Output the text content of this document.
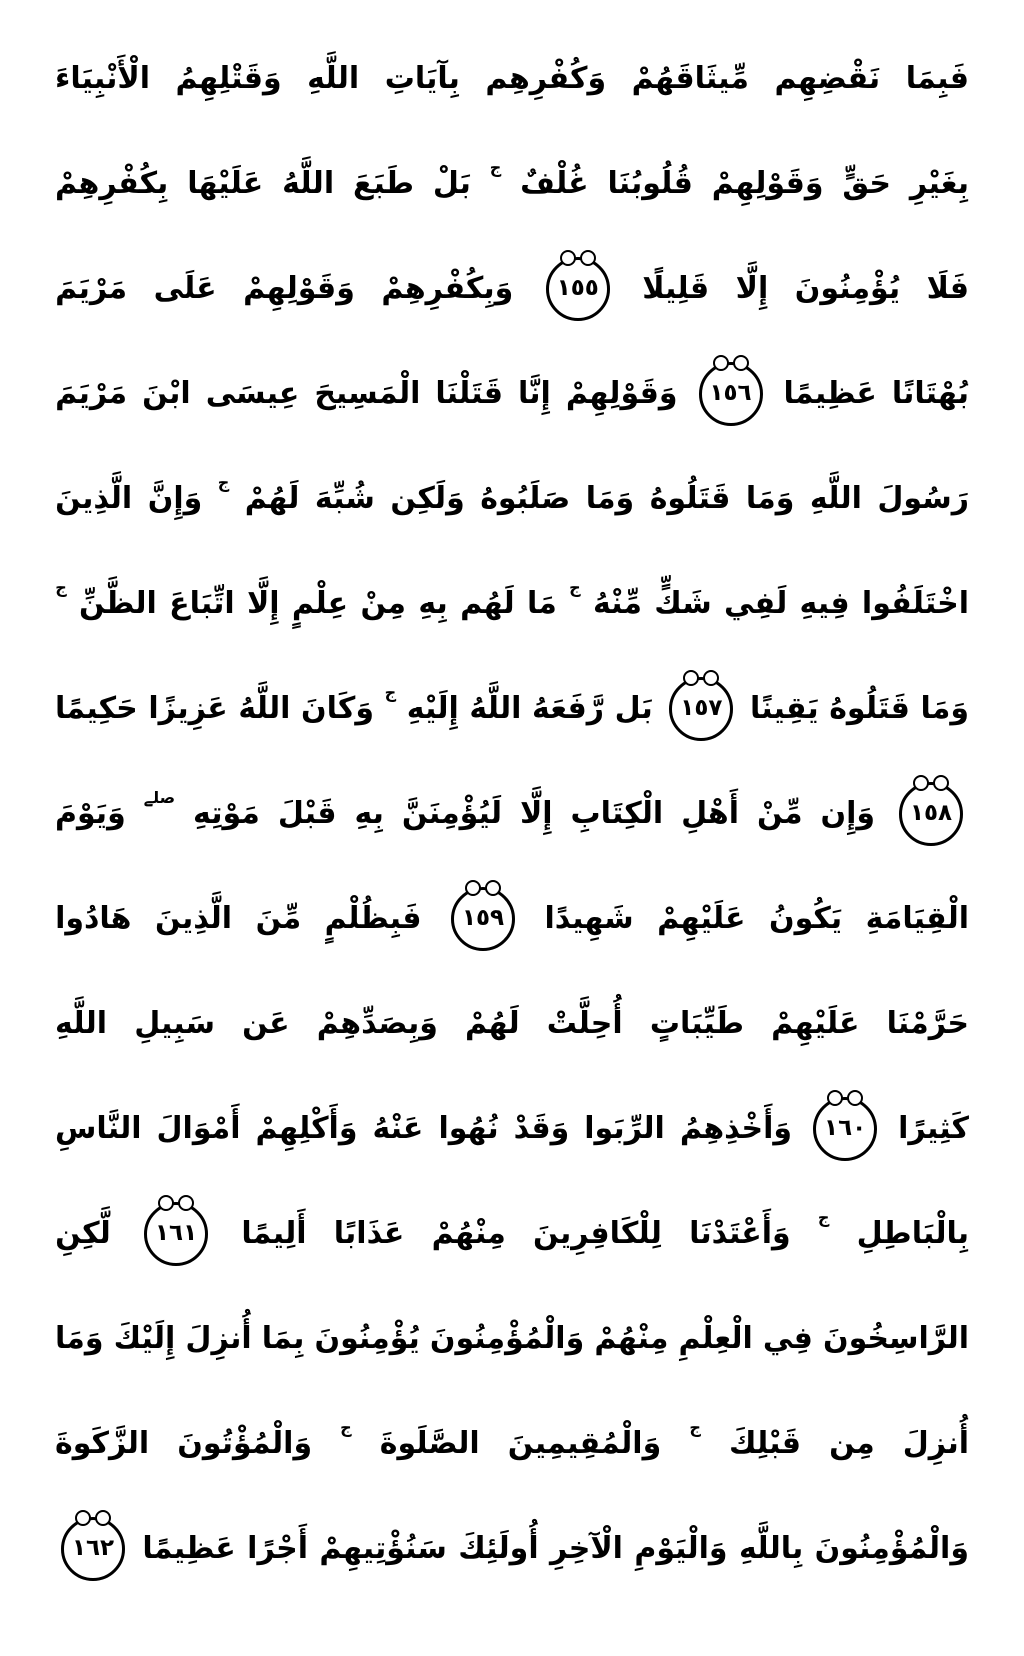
فَبِمَا
نَقْضِهِم
مِّيثَاقَهُمْ
وَكُفْرِهِم
بِآيَاتِ
اللَّهِ
وَقَتْلِهِمُ
الْأَنْبِيَاءَ
بِغَيْرِ
حَقٍّ
وَقَوْلِهِمْ
قُلُوبُنَا
غُلْفٌ
ج
بَلْ
طَبَعَ
اللَّهُ
عَلَيْهَا
بِكُفْرِهِمْ
فَلَا
يُؤْمِنُونَ
إِلَّا
قَلِيلًا
١٥٥
وَبِكُفْرِهِمْ
وَقَوْلِهِمْ
عَلَى
مَرْيَمَ
بُهْتَانًا
عَظِيمًا
١٥٦
وَقَوْلِهِمْ
إِنَّا
قَتَلْنَا
الْمَسِيحَ
عِيسَى
ابْنَ
مَرْيَمَ
رَسُولَ
اللَّهِ
وَمَا
قَتَلُوهُ
وَمَا
صَلَبُوهُ
وَلَكِن
شُبِّهَ
لَهُمْ
ج
وَإِنَّ
الَّذِينَ
اخْتَلَفُوا
فِيهِ
لَفِي
شَكٍّ
مِّنْهُ
ج
مَا
لَهُم
بِهِ
مِنْ
عِلْمٍ
إِلَّا
اتِّبَاعَ
الظَّنِّ
ج
وَمَا
قَتَلُوهُ
يَقِينًا
١٥٧
بَل
رَّفَعَهُ
اللَّهُ
إِلَيْهِ
ج
وَكَانَ
اللَّهُ
عَزِيزًا
حَكِيمًا
١٥٨
وَإِن
مِّنْ
أَهْلِ
الْكِتَابِ
إِلَّا
لَيُؤْمِنَنَّ
بِهِ
قَبْلَ
مَوْتِهِ
صلے
وَيَوْمَ
الْقِيَامَةِ
يَكُونُ
عَلَيْهِمْ
شَهِيدًا
١٥٩
فَبِظُلْمٍ
مِّنَ
الَّذِينَ
هَادُوا
حَرَّمْنَا
عَلَيْهِمْ
طَيِّبَاتٍ
أُحِلَّتْ
لَهُمْ
وَبِصَدِّهِمْ
عَن
سَبِيلِ
اللَّهِ
كَثِيرًا
١٦٠
وَأَخْذِهِمُ
الرِّبَوا
وَقَدْ
نُهُوا
عَنْهُ
وَأَكْلِهِمْ
أَمْوَالَ
النَّاسِ
بِالْبَاطِلِ
ج
وَأَعْتَدْنَا
لِلْكَافِرِينَ
مِنْهُمْ
عَذَابًا
أَلِيمًا
١٦١
لَّكِنِ
الرَّاسِخُونَ
فِي
الْعِلْمِ
مِنْهُمْ
وَالْمُؤْمِنُونَ
يُؤْمِنُونَ
بِمَا
أُنزِلَ
إِلَيْكَ
وَمَا
أُنزِلَ
مِن
قَبْلِكَ
ج
وَالْمُقِيمِينَ
الصَّلَوةَ
ج
وَالْمُؤْتُونَ
الزَّكَوةَ
وَالْمُؤْمِنُونَ
بِاللَّهِ
وَالْيَوْمِ
الْآخِرِ
أُولَئِكَ
سَنُؤْتِيهِمْ
أَجْرًا
عَظِيمًا
١٦٢
